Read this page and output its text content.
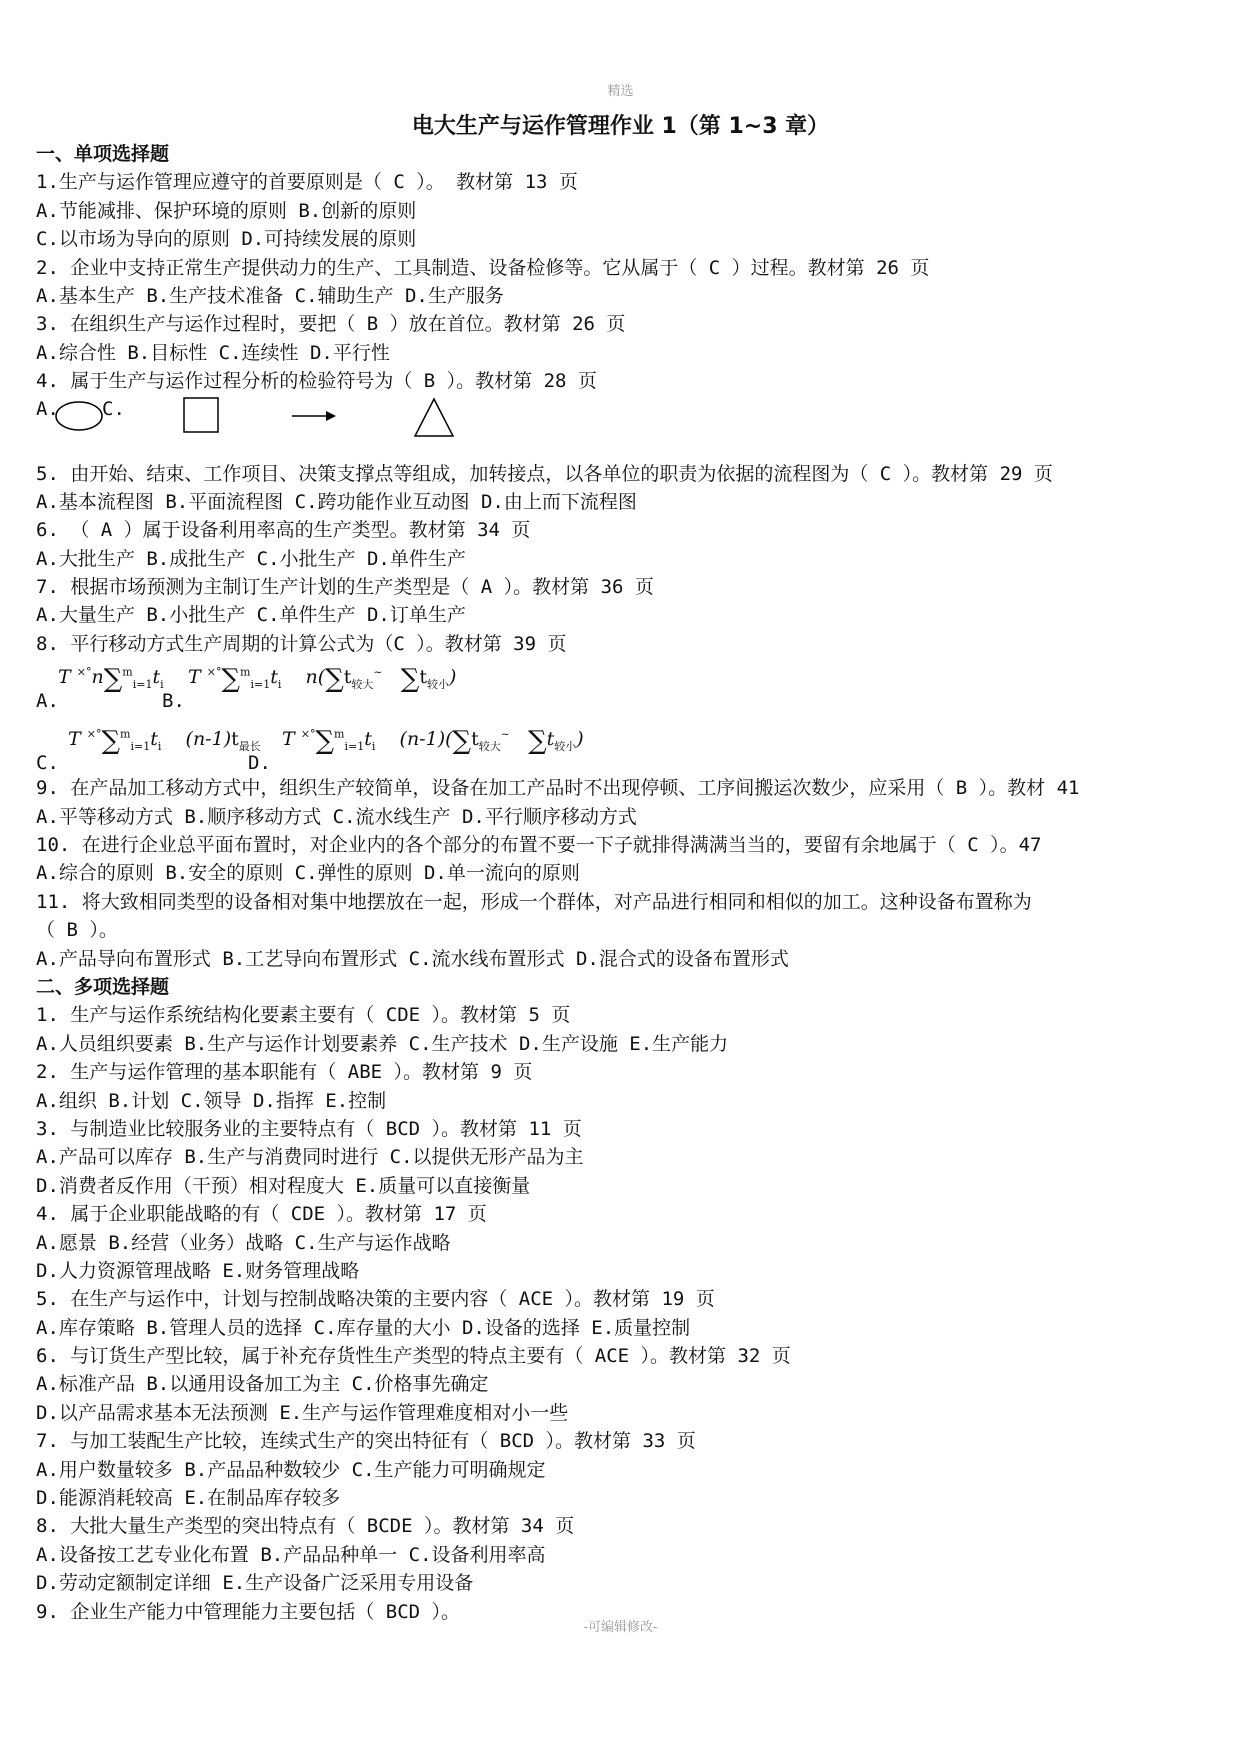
精选
电大生产与运作管理作业 1（第 1~3 章）
一、单项选择题
1.生产与运作管理应遵守的首要原则是（ C ）。 教材第 13 页
A.节能减排、保护环境的原则 B.创新的原则
C.以市场为导向的原则 D.可持续发展的原则
2. 企业中支持正常生产提供动力的生产、工具制造、设备检修等。它从属于（ C ）过程。教材第 26 页
A.基本生产 B.生产技术准备 C.辅助生产 D.生产服务
3. 在组织生产与运作过程时，要把（ B ）放在首位。教材第 26 页
A.综合性 B.目标性 C.连续性 D.平行性
4. 属于生产与运作过程分析的检验符号为（ B ）。教材第 28 页
A. C.
5. 由开始、结束、工作项目、决策支撑点等组成，加转接点，以各单位的职责为依据的流程图为（ C ）。教材第 29 页
A.基本流程图 B.平面流程图 C.跨功能作业互动图 D.由上而下流程图
6. （ A ）属于设备利用率高的生产类型。教材第 34 页
A.大批生产 B.成批生产 C.小批生产 D.单件生产
7. 根据市场预测为主制订生产计划的生产类型是（ A ）。教材第 36 页
A.大量生产 B.小批生产 C.单件生产 D.订单生产
8. 平行移动方式生产周期的计算公式为（C ）。教材第 39 页
A.
T $^{\times^\circ}n\sum^m_{i=1}t_i$
B.
T $^{\times^\circ}\sum^m_{i=1}t_i$ $n(\sum t_{较大}^\sim$ $\sum t_{较小}$)
C.
T $^{\times^\circ}\sum^m_{i=1}t_i$ $(n-1)t_{最长}$
D.
T $^{\times^\circ}\sum^m_{i=1}t_i$ $(n-1)(\sum t_{较大}^\sim$ $\sum t_{较小}$)
9. 在产品加工移动方式中，组织生产较简单，设备在加工产品时不出现停顿、工序间搬运次数少，应采用（ B ）。教材 41
A.平等移动方式 B.顺序移动方式 C.流水线生产 D.平行顺序移动方式
10. 在进行企业总平面布置时，对企业内的各个部分的布置不要一下子就排得满满当当的，要留有余地属于（ C ）。47
A.综合的原则 B.安全的原则 C.弹性的原则 D.单一流向的原则
11. 将大致相同类型的设备相对集中地摆放在一起，形成一个群体，对产品进行相同和相似的加工。这种设备布置称为
（ B ）。
A.产品导向布置形式 B.工艺导向布置形式 C.流水线布置形式 D.混合式的设备布置形式
二、多项选择题
1. 生产与运作系统结构化要素主要有（ CDE ）。教材第 5 页
A.人员组织要素 B.生产与运作计划要素养 C.生产技术 D.生产设施 E.生产能力
2. 生产与运作管理的基本职能有（ ABE ）。教材第 9 页
A.组织 B.计划 C.领导 D.指挥 E.控制
3. 与制造业比较服务业的主要特点有（ BCD ）。教材第 11 页
A.产品可以库存 B.生产与消费同时进行 C.以提供无形产品为主
D.消费者反作用（干预）相对程度大 E.质量可以直接衡量
4. 属于企业职能战略的有（ CDE ）。教材第 17 页
A.愿景 B.经营（业务）战略 C.生产与运作战略
D.人力资源管理战略 E.财务管理战略
5. 在生产与运作中，计划与控制战略决策的主要内容（ ACE ）。教材第 19 页
A.库存策略 B.管理人员的选择 C.库存量的大小 D.设备的选择 E.质量控制
6. 与订货生产型比较，属于补充存货性生产类型的特点主要有（ ACE ）。教材第 32 页
A.标准产品 B.以通用设备加工为主 C.价格事先确定
D.以产品需求基本无法预测 E.生产与运作管理难度相对小一些
7. 与加工装配生产比较，连续式生产的突出特征有（ BCD ）。教材第 33 页
A.用户数量较多 B.产品品种数较少 C.生产能力可明确规定
D.能源消耗较高 E.在制品库存较多
8. 大批大量生产类型的突出特点有（ BCDE ）。教材第 34 页
A.设备按工艺专业化布置 B.产品品种单一 C.设备利用率高
D.劳动定额制定详细 E.生产设备广泛采用专用设备
9. 企业生产能力中管理能力主要包括（ BCD ）。
-可编辑修改-
